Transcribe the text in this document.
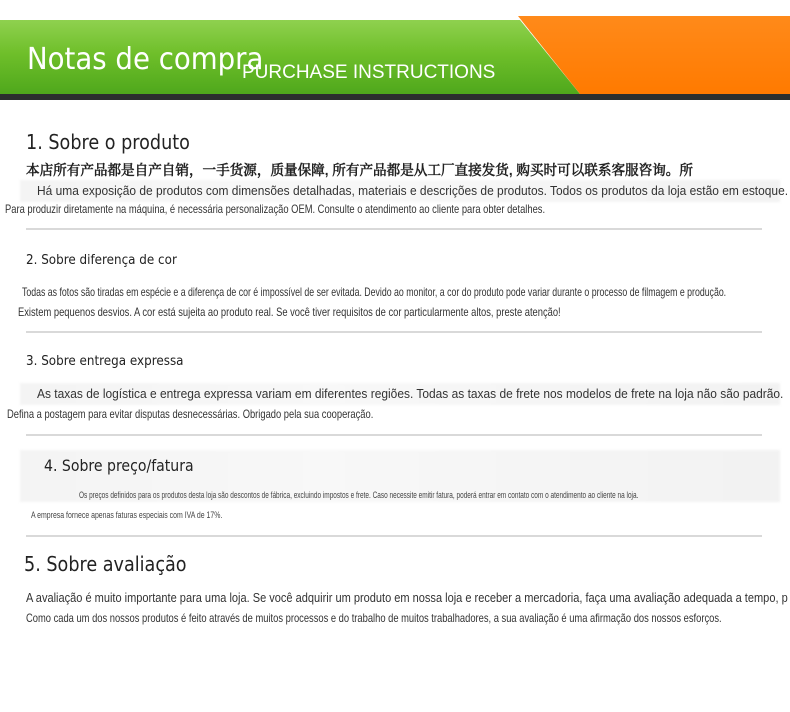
Notas de compra
PURCHASE INSTRUCTIONS
1. Sobre o produto
本店所有产品都是自产自销，一手货源，质量保障, 所有产品都是从工厂直接发货, 购买时可以联系客服咨询。所
Há uma exposição de produtos com dimensões detalhadas, materiais e descrições de produtos. Todos os produtos da loja estão em estoque.
Para produzir diretamente na máquina, é necessária personalização OEM. Consulte o atendimento ao cliente para obter detalhes.
2. Sobre diferença de cor
Todas as fotos são tiradas em espécie e a diferença de cor é impossível de ser evitada. Devido ao monitor, a cor do produto pode variar durante o processo de filmagem e produção.
Existem pequenos desvios. A cor está sujeita ao produto real. Se você tiver requisitos de cor particularmente altos, preste atenção!
3. Sobre entrega expressa
As taxas de logística e entrega expressa variam em diferentes regiões. Todas as taxas de frete nos modelos de frete na loja não são padrão.
Defina a postagem para evitar disputas desnecessárias. Obrigado pela sua cooperação.
4. Sobre preço/fatura
Os preços definidos para os produtos desta loja são descontos de fábrica, excluindo impostos e frete. Caso necessite emitir fatura, poderá entrar em contato com o atendimento ao cliente na loja.
A empresa fornece apenas faturas especiais com IVA de 17%.
5. Sobre avaliação
A avaliação é muito importante para uma loja. Se você adquirir um produto em nossa loja e receber a mercadoria, faça uma avaliação adequada a tempo, p
Como cada um dos nossos produtos é feito através de muitos processos e do trabalho de muitos trabalhadores, a sua avaliação é uma afirmação dos nossos esforços.
